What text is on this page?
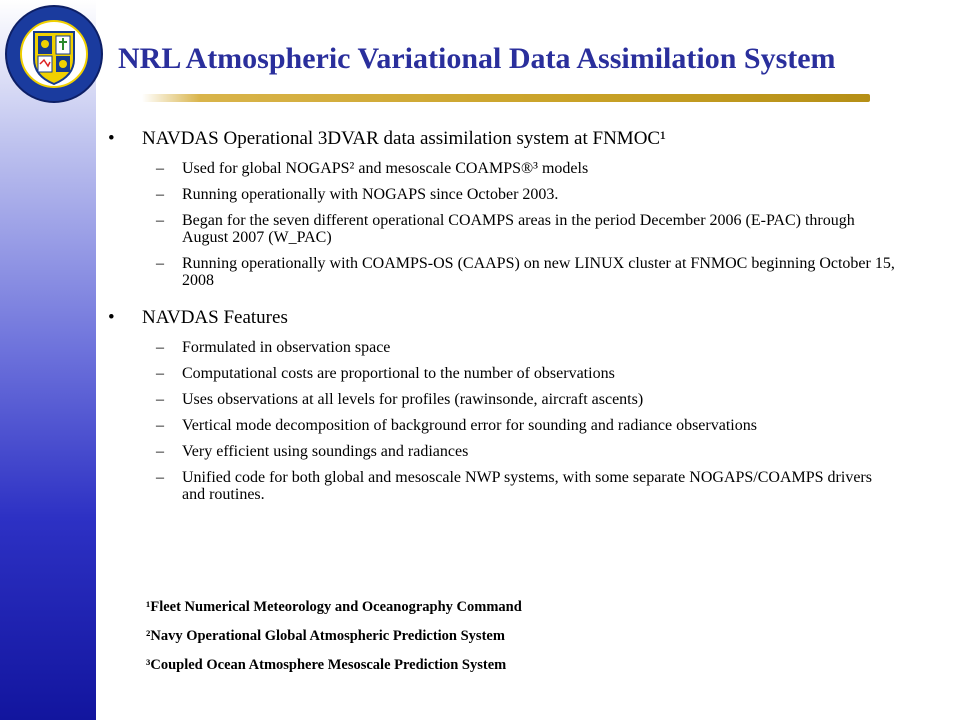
NRL Atmospheric Variational Data Assimilation System
•	NAVDAS Operational 3DVAR data assimilation system at FNMOC¹
–	Used for global NOGAPS² and mesoscale COAMPS®³ models
–	Running operationally with NOGAPS since October 2003.
–	Began for the seven different operational COAMPS areas in the period December 2006 (E-PAC) through August 2007 (W_PAC)
–	Running operationally with COAMPS-OS (CAAPS) on new LINUX cluster at FNMOC beginning October 15, 2008
•	NAVDAS Features
–	Formulated in observation space
–	Computational costs are proportional to the number of observations
–	Uses observations at all levels for profiles (rawinsonde, aircraft ascents)
–	Vertical mode decomposition of background error for sounding and radiance observations
–	Very efficient using soundings and radiances
–	Unified code for both global and mesoscale NWP systems, with some separate NOGAPS/COAMPS drivers and routines.
¹Fleet Numerical Meteorology and Oceanography Command
²Navy Operational Global Atmospheric Prediction System
³Coupled Ocean Atmosphere Mesoscale Prediction System
